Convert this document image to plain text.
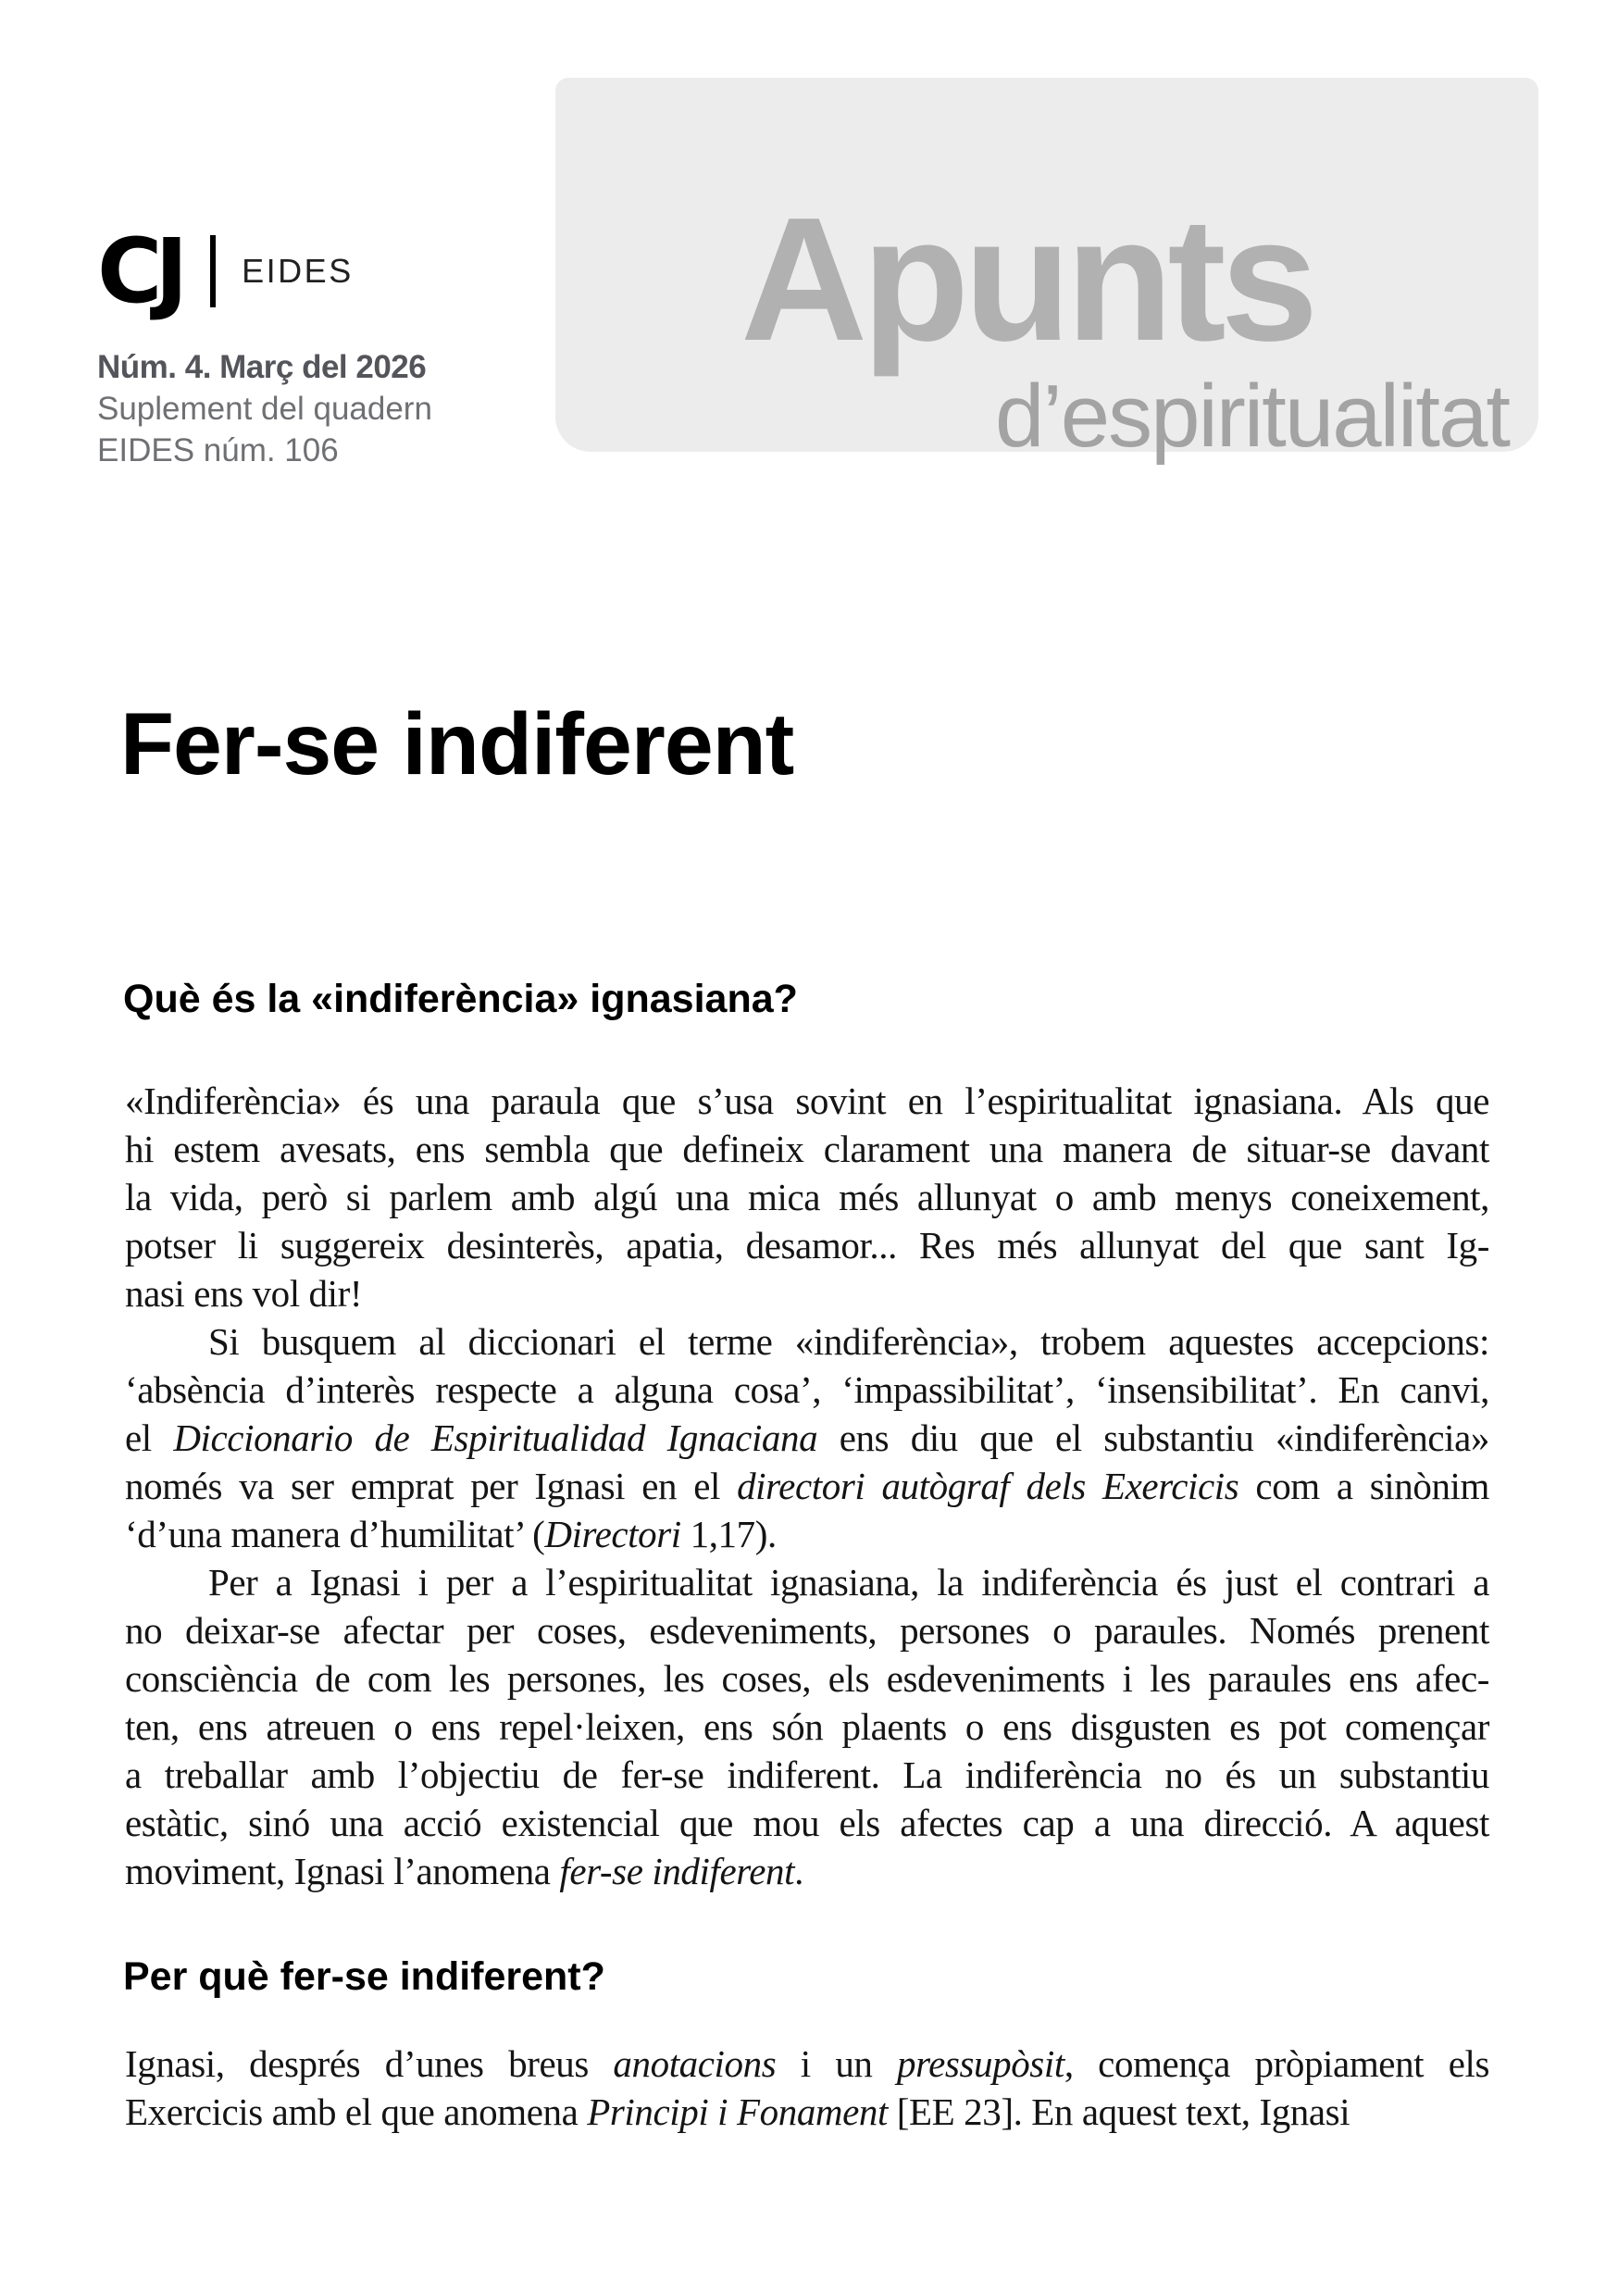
Apunts
d’espiritualitat
CJ EIDES
Núm. 4. Març del 2026
Suplement del quadern
EIDES núm. 106
Fer-se indiferent
Què és la «indiferència» ignasiana?
«Indiferència» és una paraula que s’usa sovint en l’espiritualitat ignasiana. Als que
hi estem avesats, ens sembla que defineix clarament una manera de situar-se davant
la vida, però si parlem amb algú una mica més allunyat o amb menys coneixement,
potser li suggereix desinterès, apatia, desamor... Res més allunyat del que sant Ig-
nasi ens vol dir!
Si busquem al diccionari el terme «indiferència», trobem aquestes accepcions:
‘absència d’interès respecte a alguna cosa’, ‘impassibilitat’, ‘insensibilitat’. En canvi,
el Diccionario de Espiritualidad Ignaciana ens diu que el substantiu «indiferència»
només va ser emprat per Ignasi en el directori autògraf dels Exercicis com a sinònim
‘d’una manera d’humilitat’ (Directori 1,17).
Per a Ignasi i per a l’espiritualitat ignasiana, la indiferència és just el contrari a
no deixar-se afectar per coses, esdeveniments, persones o paraules. Només prenent
consciència de com les persones, les coses, els esdeveniments i les paraules ens afec-
ten, ens atreuen o ens repel·leixen, ens són plaents o ens disgusten es pot començar
a treballar amb l’objectiu de fer-se indiferent. La indiferència no és un substantiu
estàtic, sinó una acció existencial que mou els afectes cap a una direcció. A aquest
moviment, Ignasi l’anomena fer-se indiferent.
Per què fer-se indiferent?
Ignasi, després d’unes breus anotacions i un pressupòsit, comença pròpiament els
Exercicis amb el que anomena Principi i Fonament [EE 23]. En aquest text, Ignasi
